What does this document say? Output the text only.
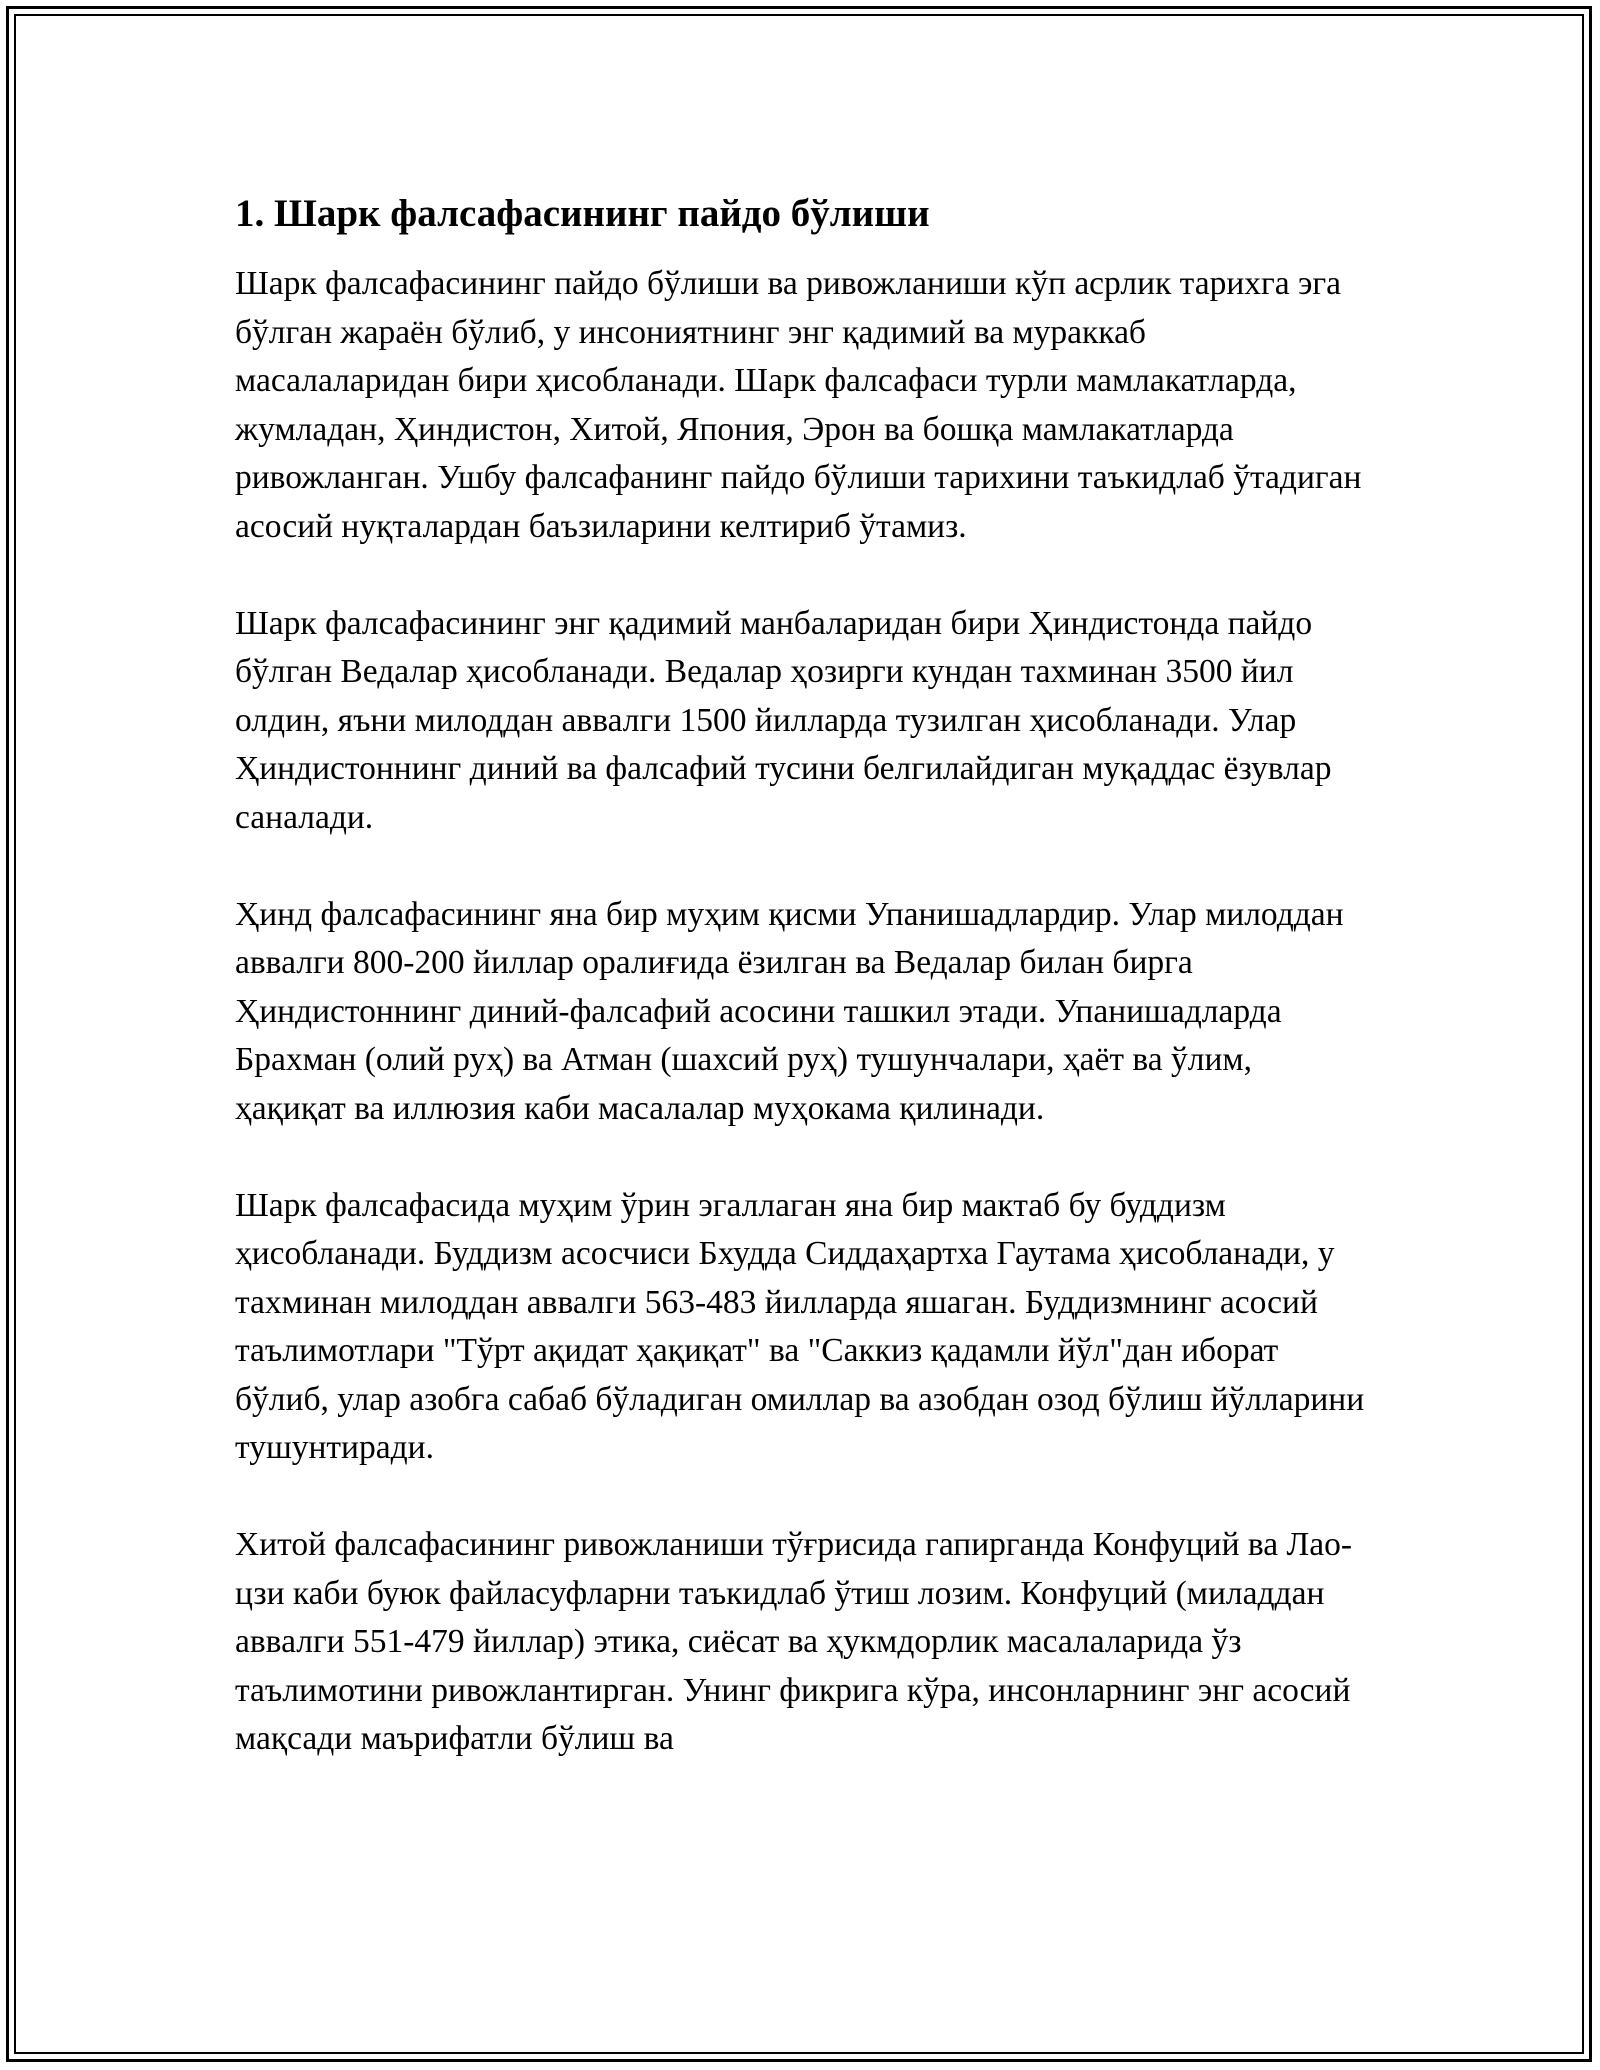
1. Шарк фалсафасининг пайдо бўлиши

Шарк фалсафасининг пайдо бўлиши ва ривожланиши кўп асрлик тарихга эга бўлган жараён бўлиб, у инсониятнинг энг қадимий ва мураккаб масалаларидан бири ҳисобланади. Шарк фалсафаси турли мамлакатларда, жумладан, Ҳиндистон, Хитой, Япония, Эрон ва бошқа мамлакатларда ривожланган. Ушбу фалсафанинг пайдо бўлиши тарихини таъкидлаб ўтадиган асосий нуқталардан баъзиларини келтириб ўтамиз.

Шарк фалсафасининг энг қадимий манбаларидан бири Ҳиндистонда пайдо бўлган Ведалар ҳисобланади. Ведалар ҳозирги кундан тахминан 3500 йил олдин, яъни милоддан аввалги 1500 йилларда тузилган ҳисобланади. Улар Ҳиндистоннинг диний ва фалсафий тусини белгилайдиган муқаддас ёзувлар саналади.

Ҳинд фалсафасининг яна бир муҳим қисми Упанишадлардир. Улар милоддан аввалги 800-200 йиллар оралиғида ёзилган ва Ведалар билан бирга Ҳиндистоннинг диний-фалсафий асосини ташкил этади. Упанишадларда Брахман (олий руҳ) ва Атман (шахсий руҳ) тушунчалари, ҳаёт ва ўлим, ҳақиқат ва иллюзия каби масалалар муҳокама қилинади.

Шарк фалсафасида муҳим ўрин эгаллаган яна бир мактаб бу буддизм ҳисобланади. Буддизм асосчиси Бхудда Сиддаҳартха Гаутама ҳисобланади, у тахминан милоддан аввалги 563-483 йилларда яшаган. Буддизмнинг асосий таълимотлари "Тўрт ақидат ҳақиқат" ва "Саккиз қадамли йўл"дан иборат бўлиб, улар азобга сабаб бўладиган омиллар ва азобдан озод бўлиш йўлларини тушунтиради.

Хитой фалсафасининг ривожланиши тўғрисида гапирганда Конфуций ва Лао-цзи каби буюк файласуфларни таъкидлаб ўтиш лозим. Конфуций (миладдан аввалги 551-479 йиллар) этика, сиёсат ва ҳукмдорлик масалаларида ўз таълимотини ривожлантирган. Унинг фикрига кўра, инсонларнинг энг асосий мақсади маърифатли бўлиш ва
